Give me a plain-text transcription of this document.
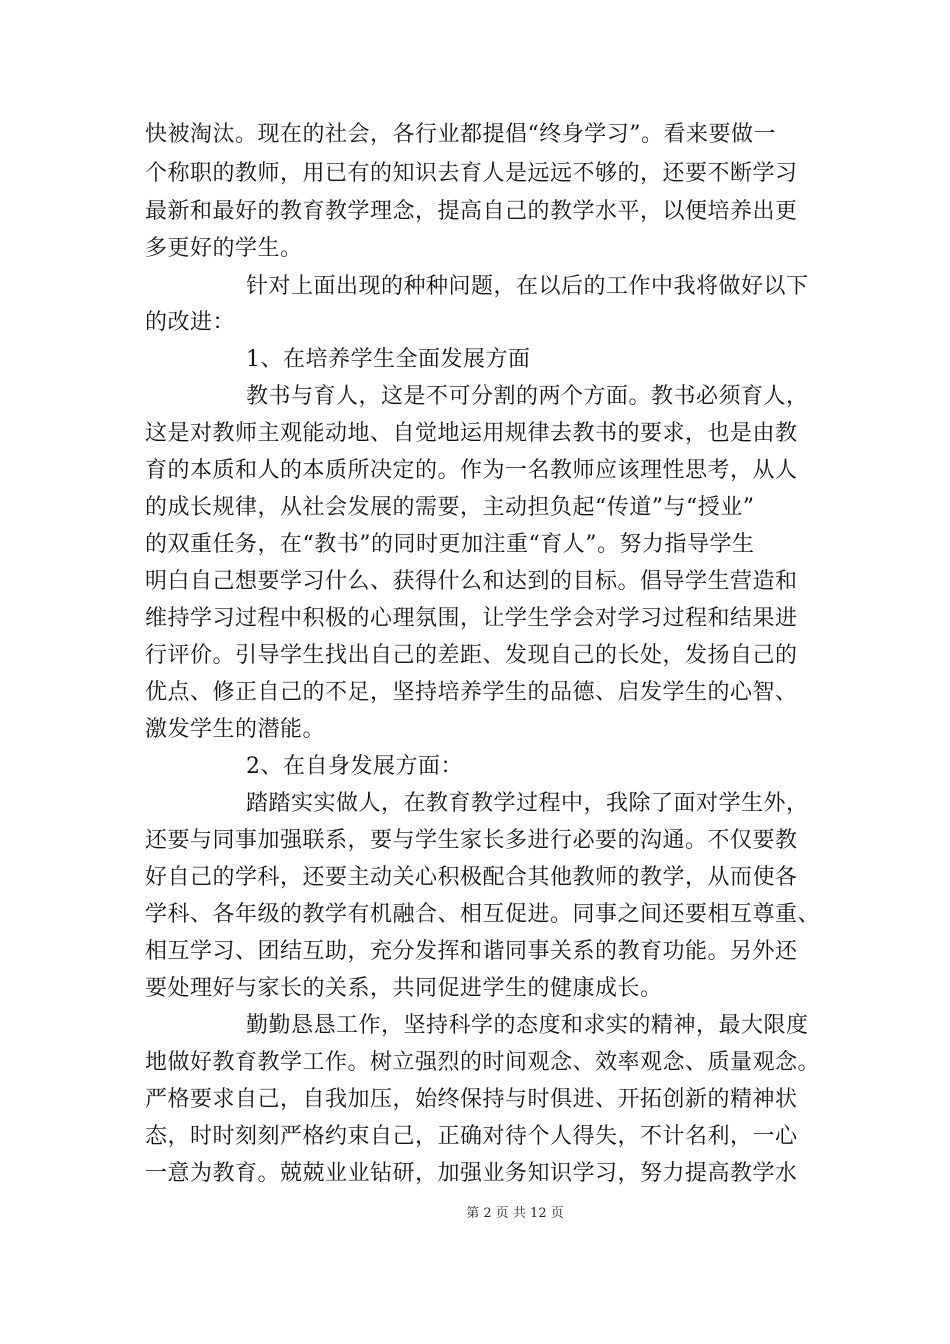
快被淘汰。现在的社会，各行业都提倡“终身学习”。看来要做一
个称职的教师，用已有的知识去育人是远远不够的，还要不断学习
最新和最好的教育教学理念，提高自己的教学水平，以便培养出更
多更好的学生。
针对上面出现的种种问题，在以后的工作中我将做好以下
的改进：
1、在培养学生全面发展方面
教书与育人，这是不可分割的两个方面。教书必须育人，
这是对教师主观能动地、自觉地运用规律去教书的要求，也是由教
育的本质和人的本质所决定的。作为一名教师应该理性思考，从人
的成长规律，从社会发展的需要，主动担负起“传道”与“授业”
的双重任务，在“教书”的同时更加注重“育人”。努力指导学生
明白自己想要学习什么、获得什么和达到的目标。倡导学生营造和
维持学习过程中积极的心理氛围，让学生学会对学习过程和结果进
行评价。引导学生找出自己的差距、发现自己的长处，发扬自己的
优点、修正自己的不足，坚持培养学生的品德、启发学生的心智、
激发学生的潜能。
2、在自身发展方面：
踏踏实实做人，在教育教学过程中，我除了面对学生外，
还要与同事加强联系，要与学生家长多进行必要的沟通。不仅要教
好自己的学科，还要主动关心积极配合其他教师的教学，从而使各
学科、各年级的教学有机融合、相互促进。同事之间还要相互尊重、
相互学习、团结互助，充分发挥和谐同事关系的教育功能。另外还
要处理好与家长的关系，共同促进学生的健康成长。
勤勤恳恳工作，坚持科学的态度和求实的精神，最大限度
地做好教育教学工作。树立强烈的时间观念、效率观念、质量观念。
严格要求自己，自我加压，始终保持与时俱进、开拓创新的精神状
态，时时刻刻严格约束自己，正确对待个人得失，不计名利，一心
一意为教育。兢兢业业钻研，加强业务知识学习，努力提高教学水
第 2 页 共 12 页
